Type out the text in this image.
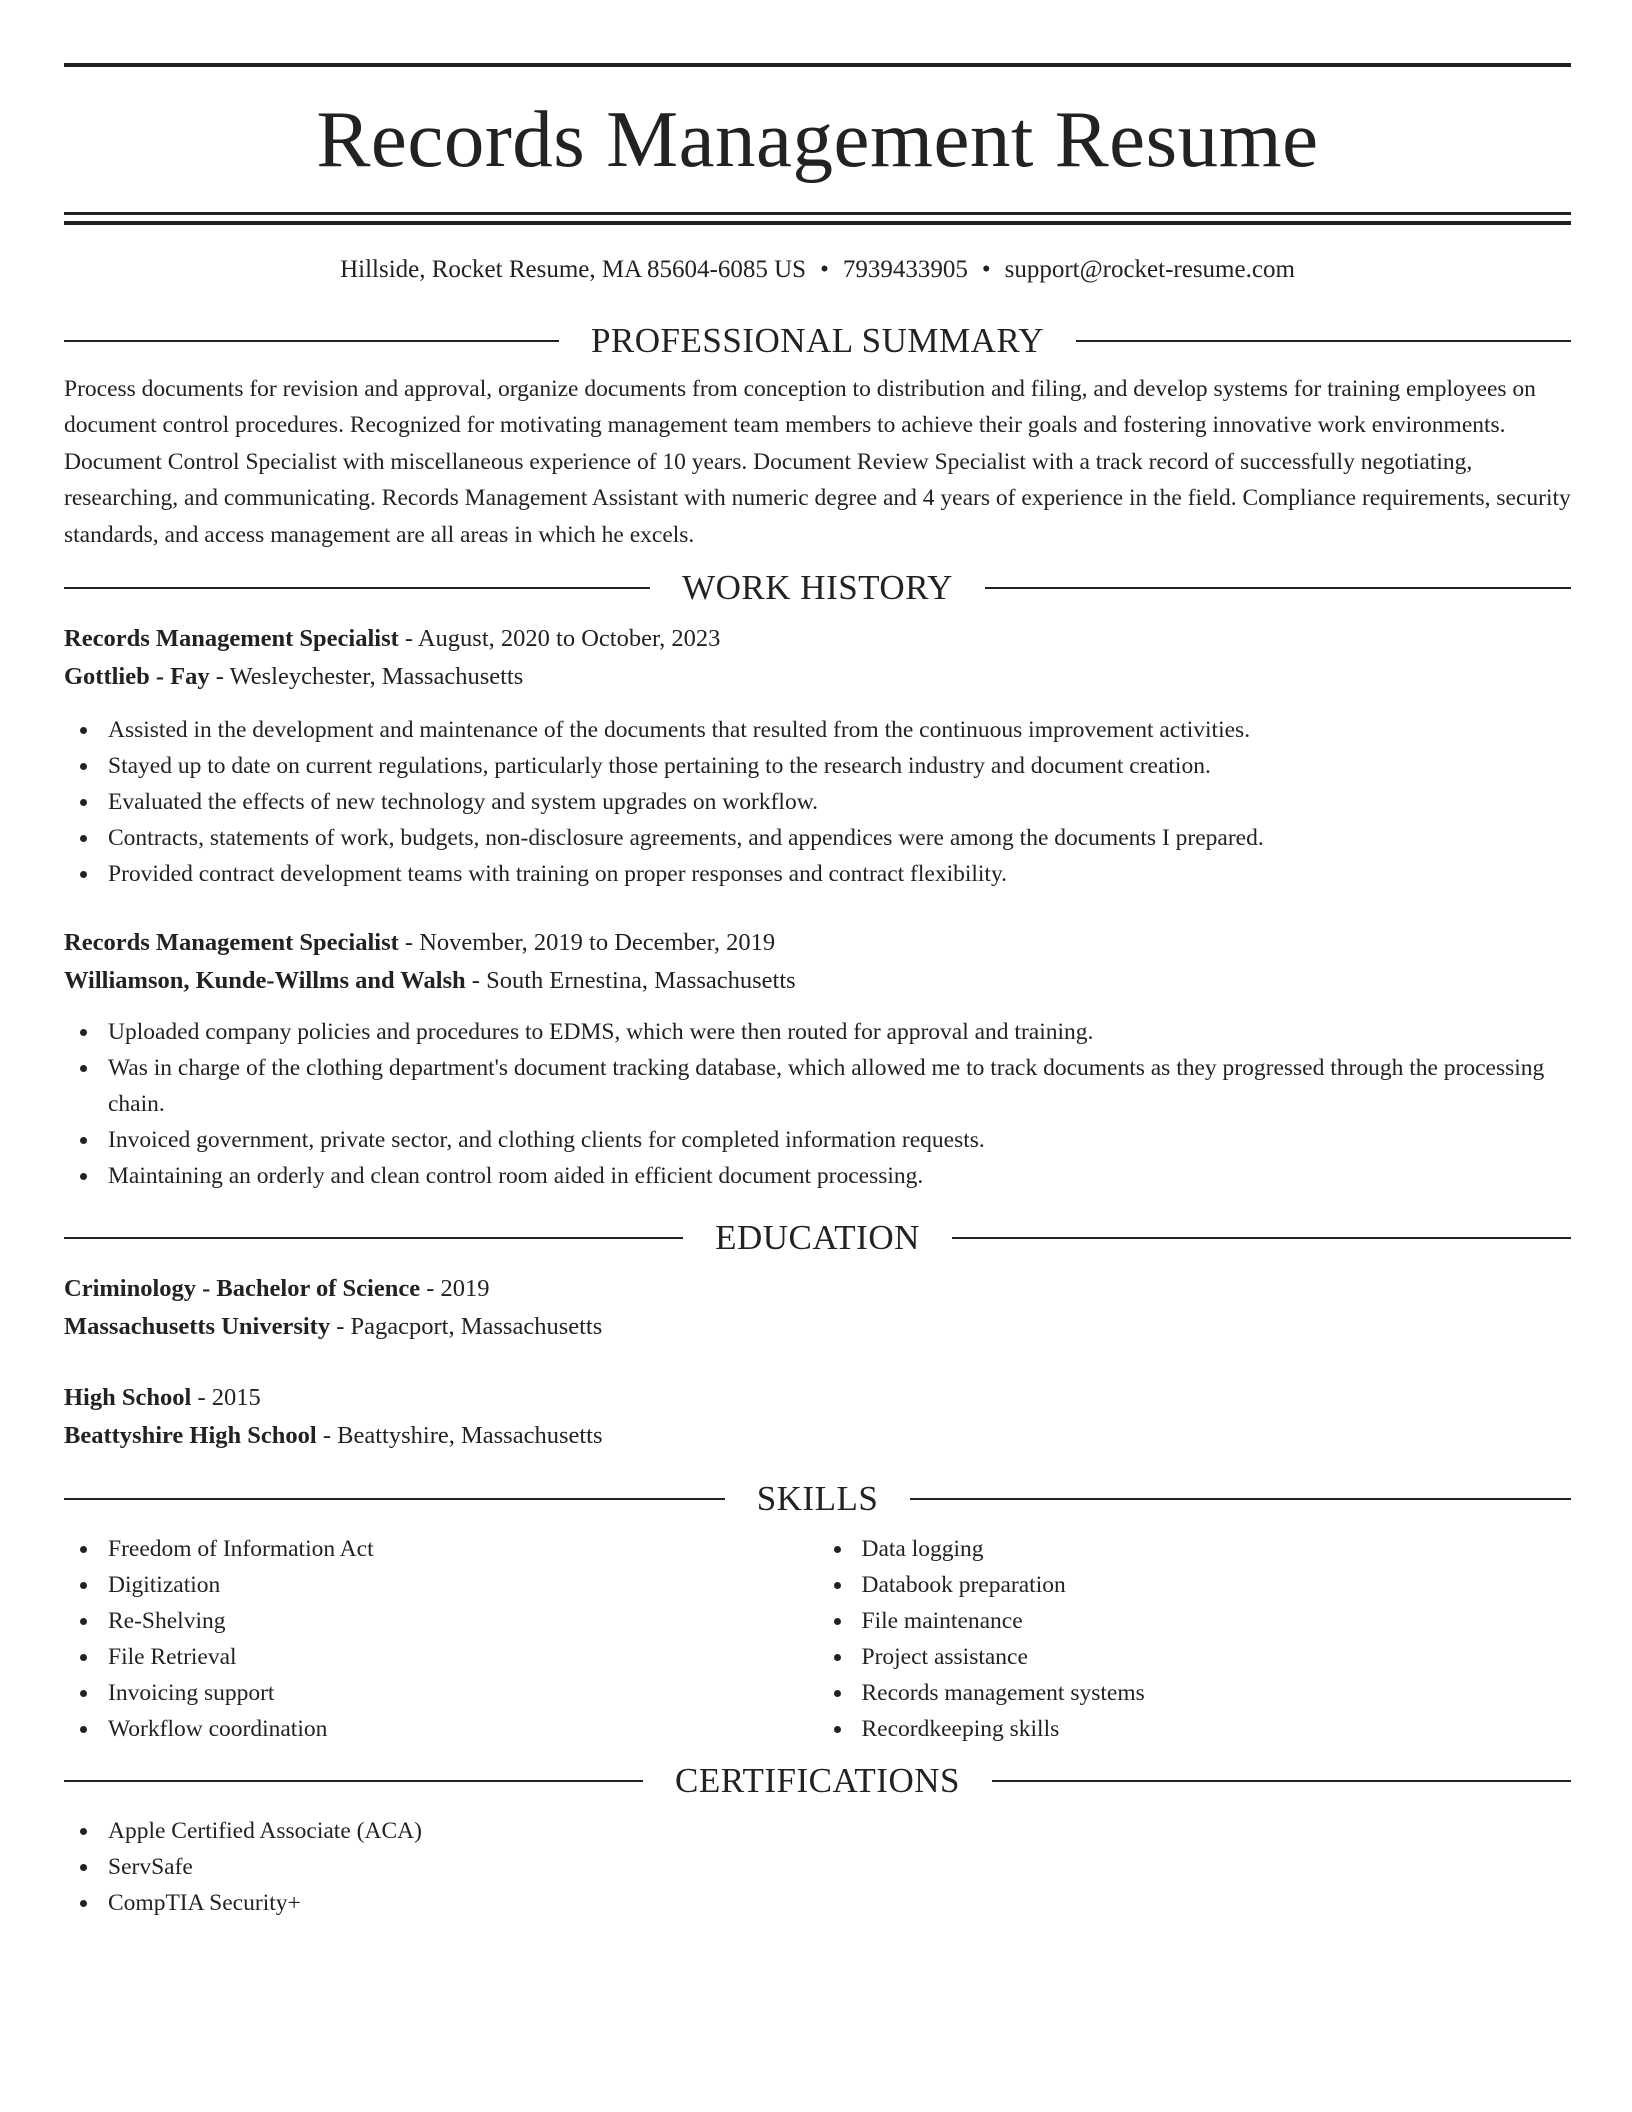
Records Management Resume
Hillside, Rocket Resume, MA 85604-6085 US • 7939433905 • support@rocket-resume.com
PROFESSIONAL SUMMARY

Process documents for revision and approval, organize documents from conception to distribution and filing, and develop systems for training employees on document control procedures. Recognized for motivating management team members to achieve their goals and fostering innovative work environments. Document Control Specialist with miscellaneous experience of 10 years. Document Review Specialist with a track record of successfully negotiating, researching, and communicating. Records Management Assistant with numeric degree and 4 years of experience in the field. Compliance requirements, security standards, and access management are all areas in which he excels.

WORK HISTORY
Records Management Specialist - August, 2020 to October, 2023
Gottlieb - Fay - Wesleychester, Massachusetts
Assisted in the development and maintenance of the documents that resulted from the continuous improvement activities.
Stayed up to date on current regulations, particularly those pertaining to the research industry and document creation.
Evaluated the effects of new technology and system upgrades on workflow.
Contracts, statements of work, budgets, non-disclosure agreements, and appendices were among the documents I prepared.
Provided contract development teams with training on proper responses and contract flexibility.
Records Management Specialist - November, 2019 to December, 2019
Williamson, Kunde-Willms and Walsh - South Ernestina, Massachusetts
Uploaded company policies and procedures to EDMS, which were then routed for approval and training.
Was in charge of the clothing department's document tracking database, which allowed me to track documents as they progressed through the processing chain.
Invoiced government, private sector, and clothing clients for completed information requests.
Maintaining an orderly and clean control room aided in efficient document processing.
EDUCATION
Criminology - Bachelor of Science - 2019
Massachusetts University - Pagacport, Massachusetts
High School - 2015
Beattyshire High School - Beattyshire, Massachusetts
SKILLS
Freedom of Information Act
Digitization
Re-Shelving
File Retrieval
Invoicing support
Workflow coordination
Data logging
Databook preparation
File maintenance
Project assistance
Records management systems
Recordkeeping skills
CERTIFICATIONS
Apple Certified Associate (ACA)
ServSafe
CompTIA Security+
